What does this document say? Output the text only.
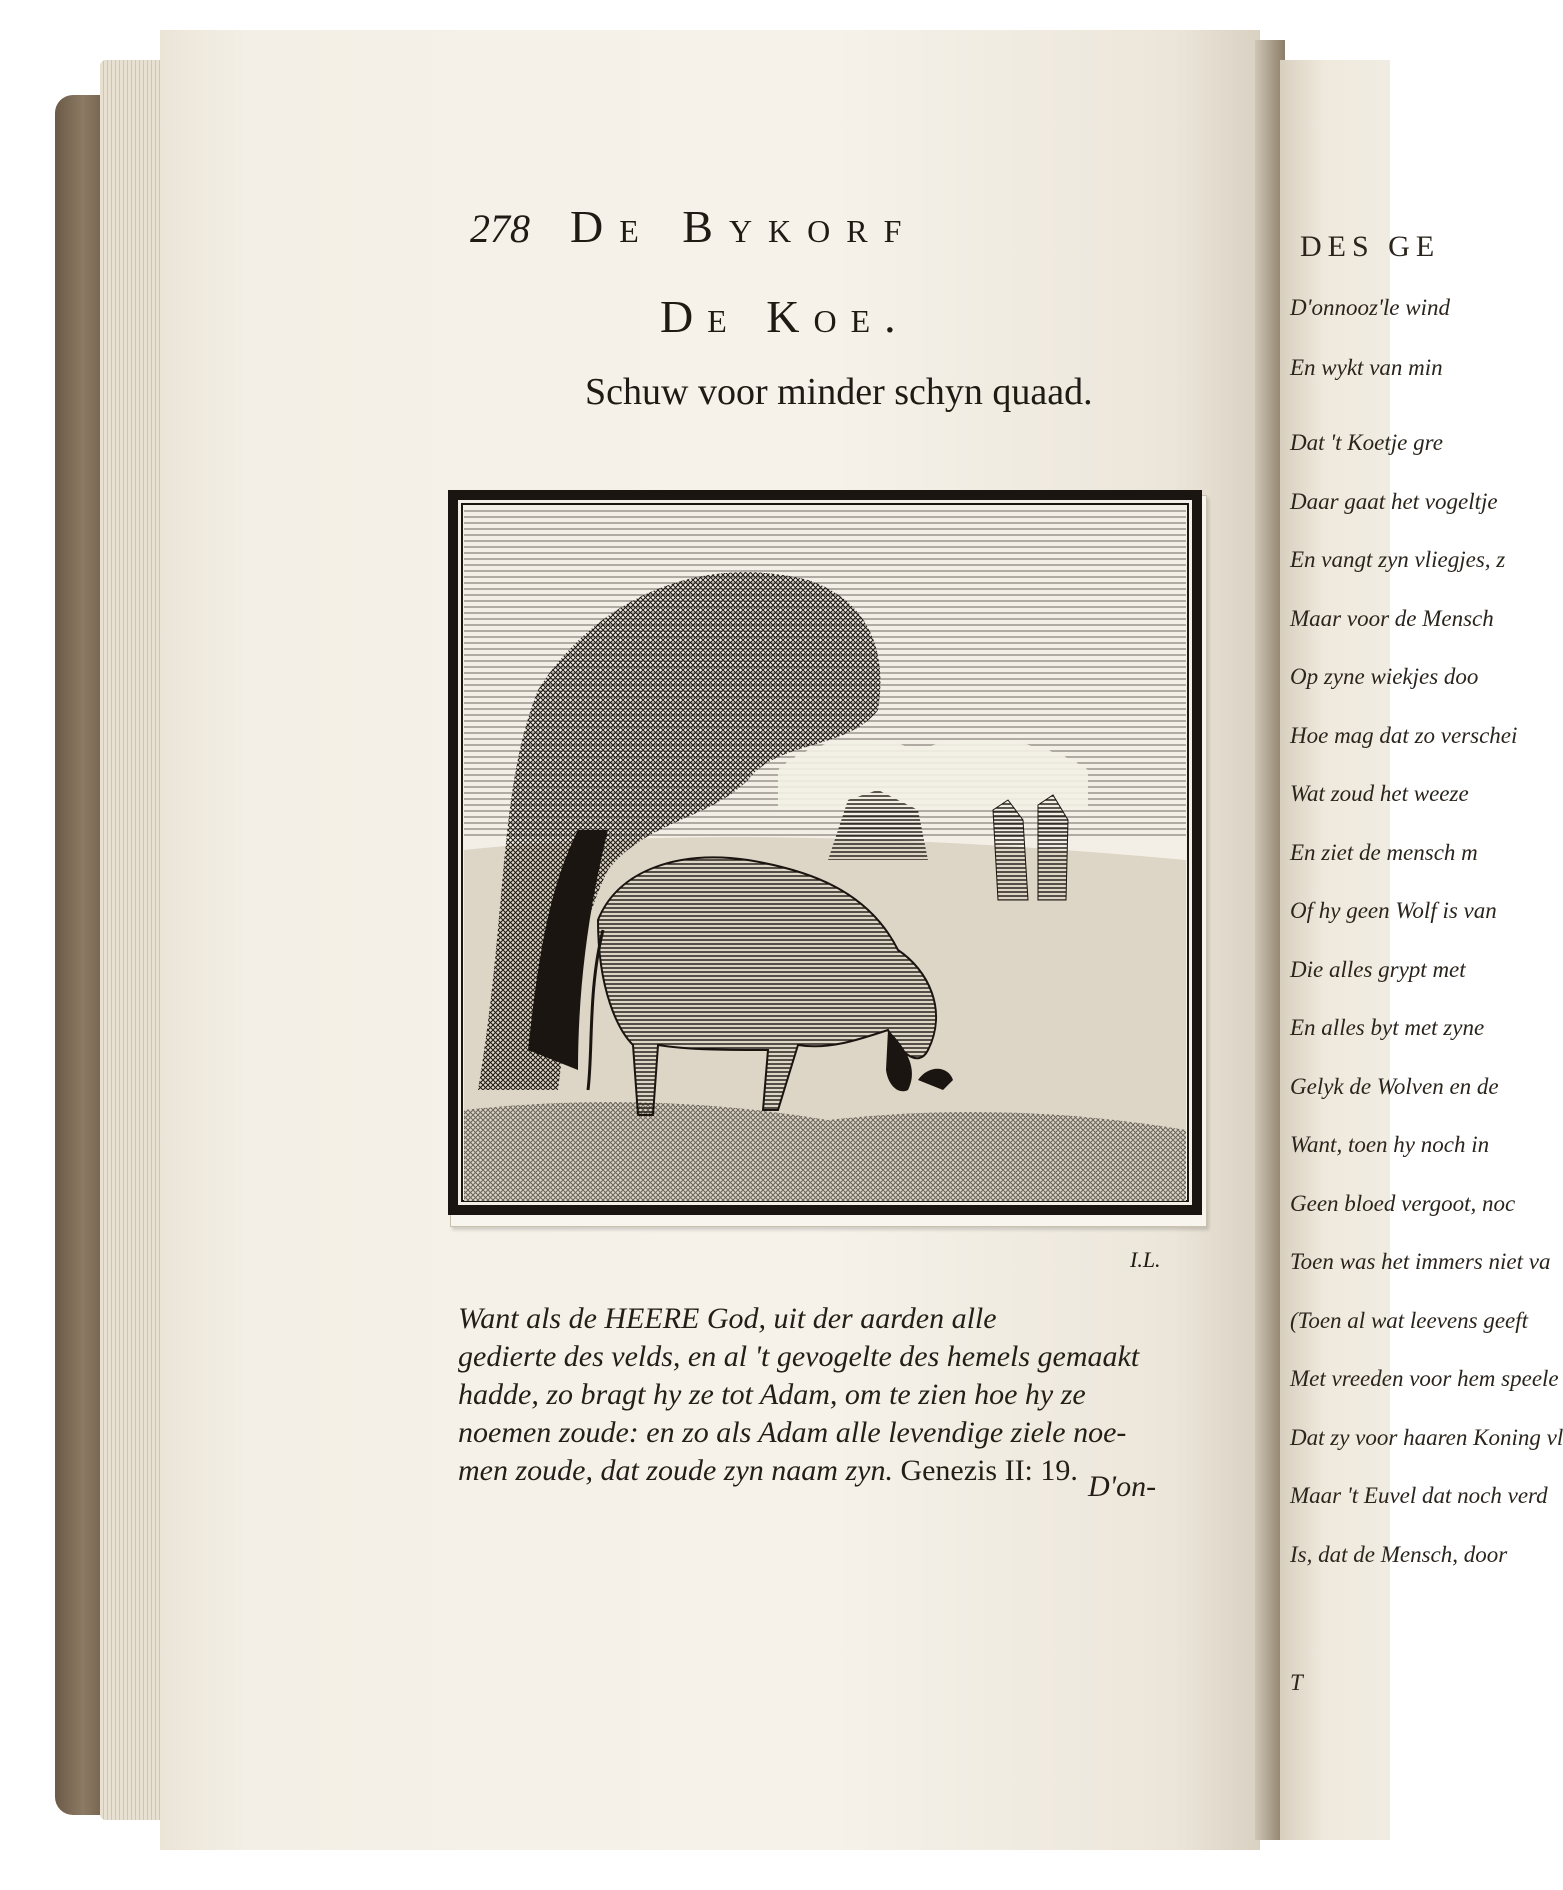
DES GE
D'onnooz'le wind
En wykt van min
Dat 't Koetje gre
Daar gaat het vogeltje
En vangt zyn vliegjes, z
Maar voor de Mensch
Op zyne wiekjes doo
Hoe mag dat zo verschei
Wat zoud het weeze
En ziet de mensch m
Of hy geen Wolf is van
Die alles grypt met
En alles byt met zyne
Gelyk de Wolven en de
Want, toen hy noch in
Geen bloed vergoot, noc
Toen was het immers niet va
(Toen al wat leevens geeft
Met vreeden voor hem speele
Dat zy voor haaren Koning vl
Maar 't Euvel dat noch verd
Is, dat de Mensch, door
T
278 De Bykorf
De Koe.
Schuw voor minder schyn quaad.
I.L.
Want als de HEERE God, uit der aarden alle
gedierte des velds, en al 't gevogelte des hemels gemaakt
hadde, zo bragt hy ze tot Adam, om te zien hoe hy ze
noemen zoude: en zo als Adam alle levendige ziele noe-
men zoude, dat zoude zyn naam zyn. Genezis II: 19. D'on-
